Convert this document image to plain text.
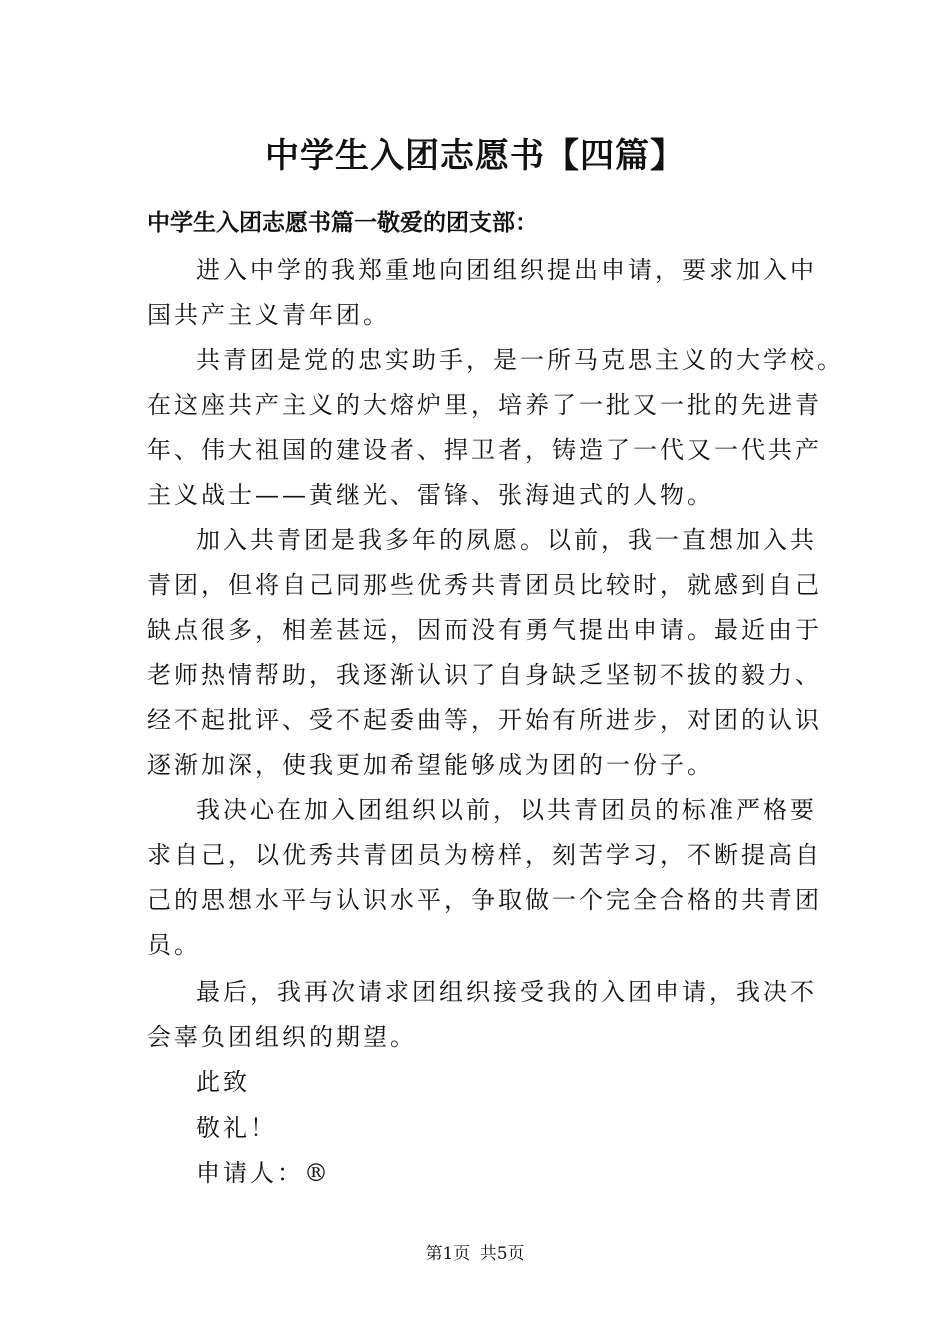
中学生入团志愿书【四篇】
中学生入团志愿书篇一敬爱的团支部：
进入中学的我郑重地向团组织提出申请，要求加入中
国共产主义青年团。
共青团是党的忠实助手，是一所马克思主义的大学校。
在这座共产主义的大熔炉里，培养了一批又一批的先进青
年、伟大祖国的建设者、捍卫者，铸造了一代又一代共产
主义战士——黄继光、雷锋、张海迪式的人物。
加入共青团是我多年的夙愿。以前，我一直想加入共
青团，但将自己同那些优秀共青团员比较时，就感到自己
缺点很多，相差甚远，因而没有勇气提出申请。最近由于
老师热情帮助，我逐渐认识了自身缺乏坚韧不拔的毅力、
经不起批评、受不起委曲等，开始有所进步，对团的认识
逐渐加深，使我更加希望能够成为团的一份子。
我决心在加入团组织以前，以共青团员的标准严格要
求自己，以优秀共青团员为榜样，刻苦学习，不断提高自
己的思想水平与认识水平，争取做一个完全合格的共青团
员。
最后，我再次请求团组织接受我的入团申请，我决不
会辜负团组织的期望。
此致
敬礼！
申请人：®
第1页 共5页
